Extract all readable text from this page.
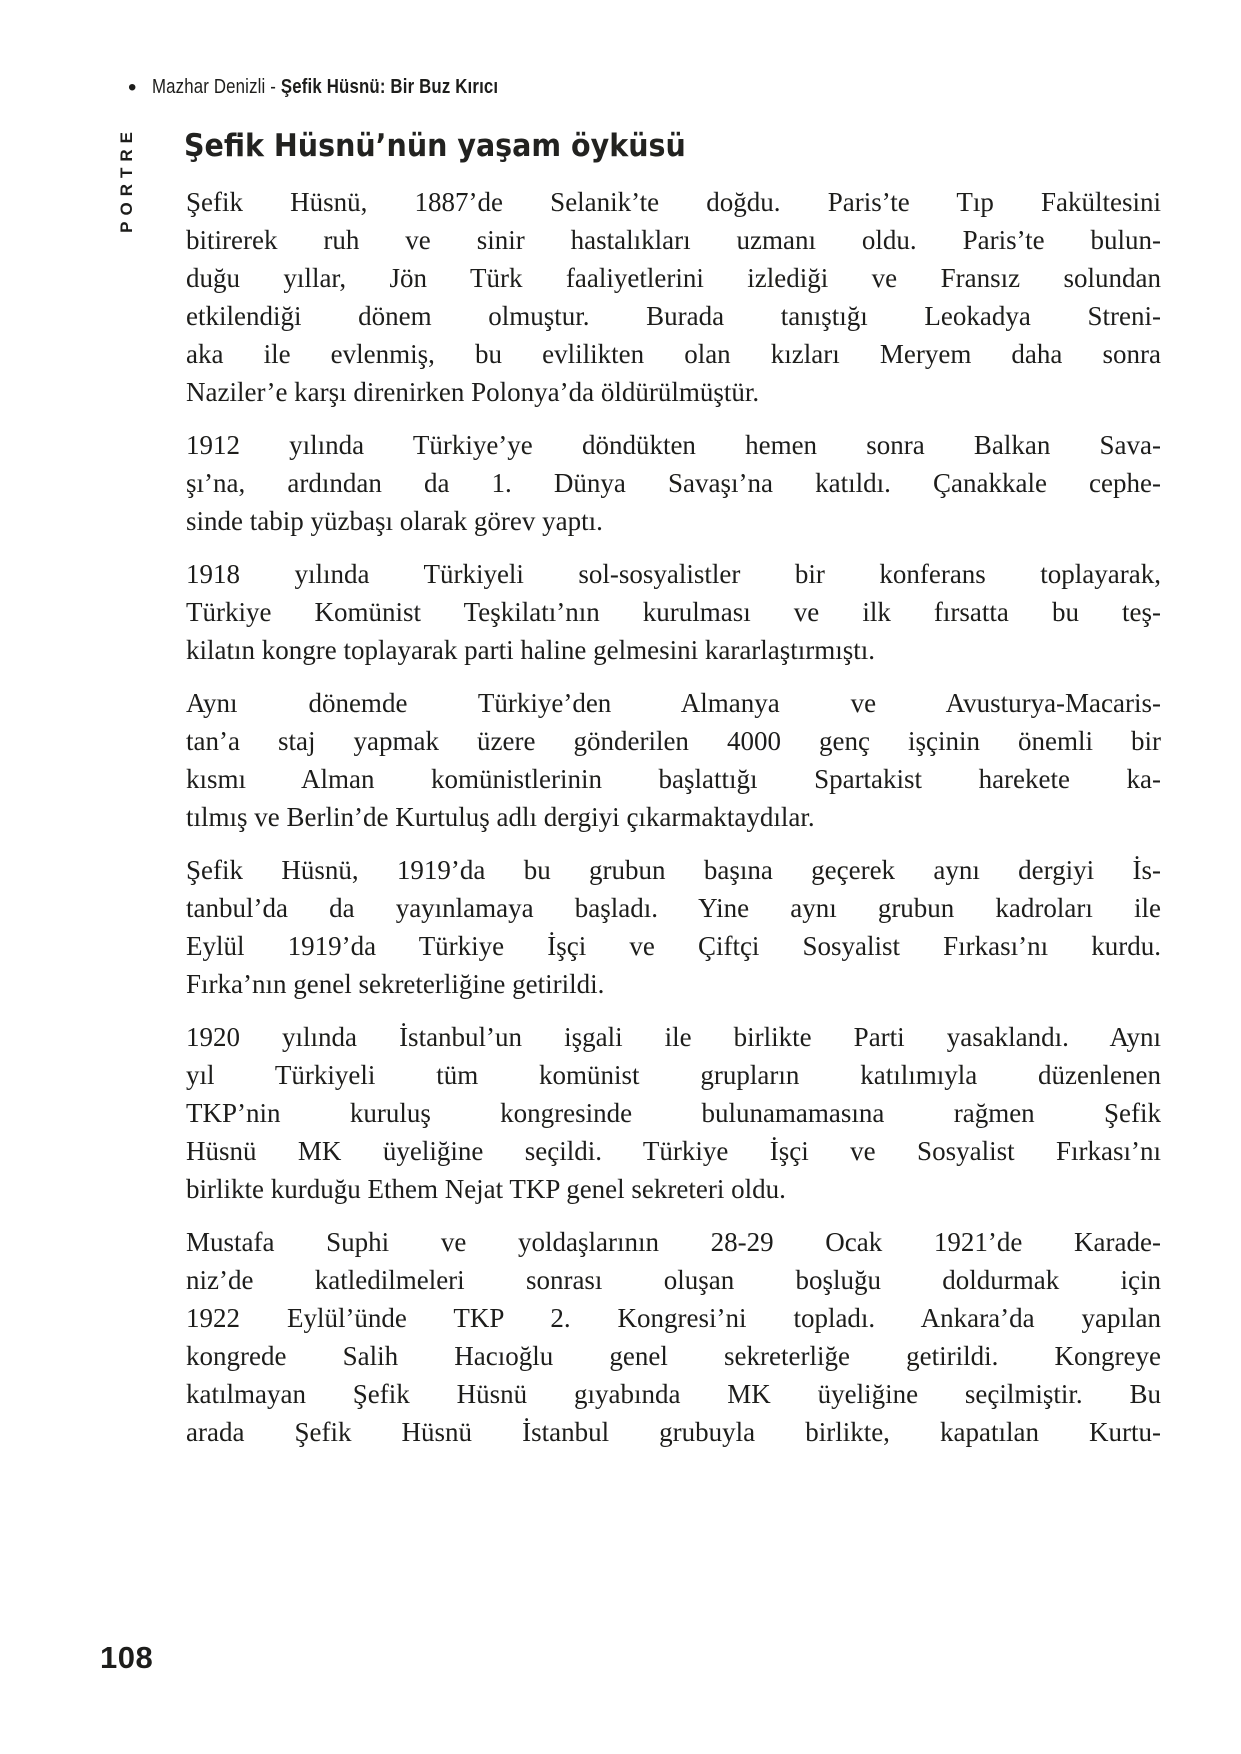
• Mazhar Denizli - Şefik Hüsnü: Bir Buz Kırıcı
PORTRE Şefik Hüsnü’nün yaşam öyküsü
Şefik Hüsnü, 1887’de Selanik’te doğdu. Paris’te Tıp Fakültesini
bitirerek ruh ve sinir hastalıkları uzmanı oldu. Paris’te bulun-
duğu yıllar, Jön Türk faaliyetlerini izlediği ve Fransız solundan
etkilendiği dönem olmuştur. Burada tanıştığı Leokadya Streni-
aka ile evlenmiş, bu evlilikten olan kızları Meryem daha sonra
Naziler’e karşı direnirken Polonya’da öldürülmüştür.
1912 yılında Türkiye’ye döndükten hemen sonra Balkan Sava-
şı’na, ardından da 1. Dünya Savaşı’na katıldı. Çanakkale cephe-
sinde tabip yüzbaşı olarak görev yaptı.
1918 yılında Türkiyeli sol-sosyalistler bir konferans toplayarak,
Türkiye Komünist Teşkilatı’nın kurulması ve ilk fırsatta bu teş-
kilatın kongre toplayarak parti haline gelmesini kararlaştırmıştı.
Aynı dönemde Türkiye’den Almanya ve Avusturya-Macaris-
tan’a staj yapmak üzere gönderilen 4000 genç işçinin önemli bir
kısmı Alman komünistlerinin başlattığı Spartakist harekete ka-
tılmış ve Berlin’de Kurtuluş adlı dergiyi çıkarmaktaydılar.
Şefik Hüsnü, 1919’da bu grubun başına geçerek aynı dergiyi İs-
tanbul’da da yayınlamaya başladı. Yine aynı grubun kadroları ile
Eylül 1919’da Türkiye İşçi ve Çiftçi Sosyalist Fırkası’nı kurdu.
Fırka’nın genel sekreterliğine getirildi.
1920 yılında İstanbul’un işgali ile birlikte Parti yasaklandı. Aynı
yıl Türkiyeli tüm komünist grupların katılımıyla düzenlenen
TKP’nin kuruluş kongresinde bulunamamasına rağmen Şefik
Hüsnü MK üyeliğine seçildi. Türkiye İşçi ve Sosyalist Fırkası’nı
birlikte kurduğu Ethem Nejat TKP genel sekreteri oldu.
Mustafa Suphi ve yoldaşlarının 28-29 Ocak 1921’de Karade-
niz’de katledilmeleri sonrası oluşan boşluğu doldurmak için
1922 Eylül’ünde TKP 2. Kongresi’ni topladı. Ankara’da yapılan
kongrede Salih Hacıoğlu genel sekreterliğe getirildi. Kongreye
katılmayan Şefik Hüsnü gıyabında MK üyeliğine seçilmiştir. Bu
arada Şefik Hüsnü İstanbul grubuyla birlikte, kapatılan Kurtu-
108
